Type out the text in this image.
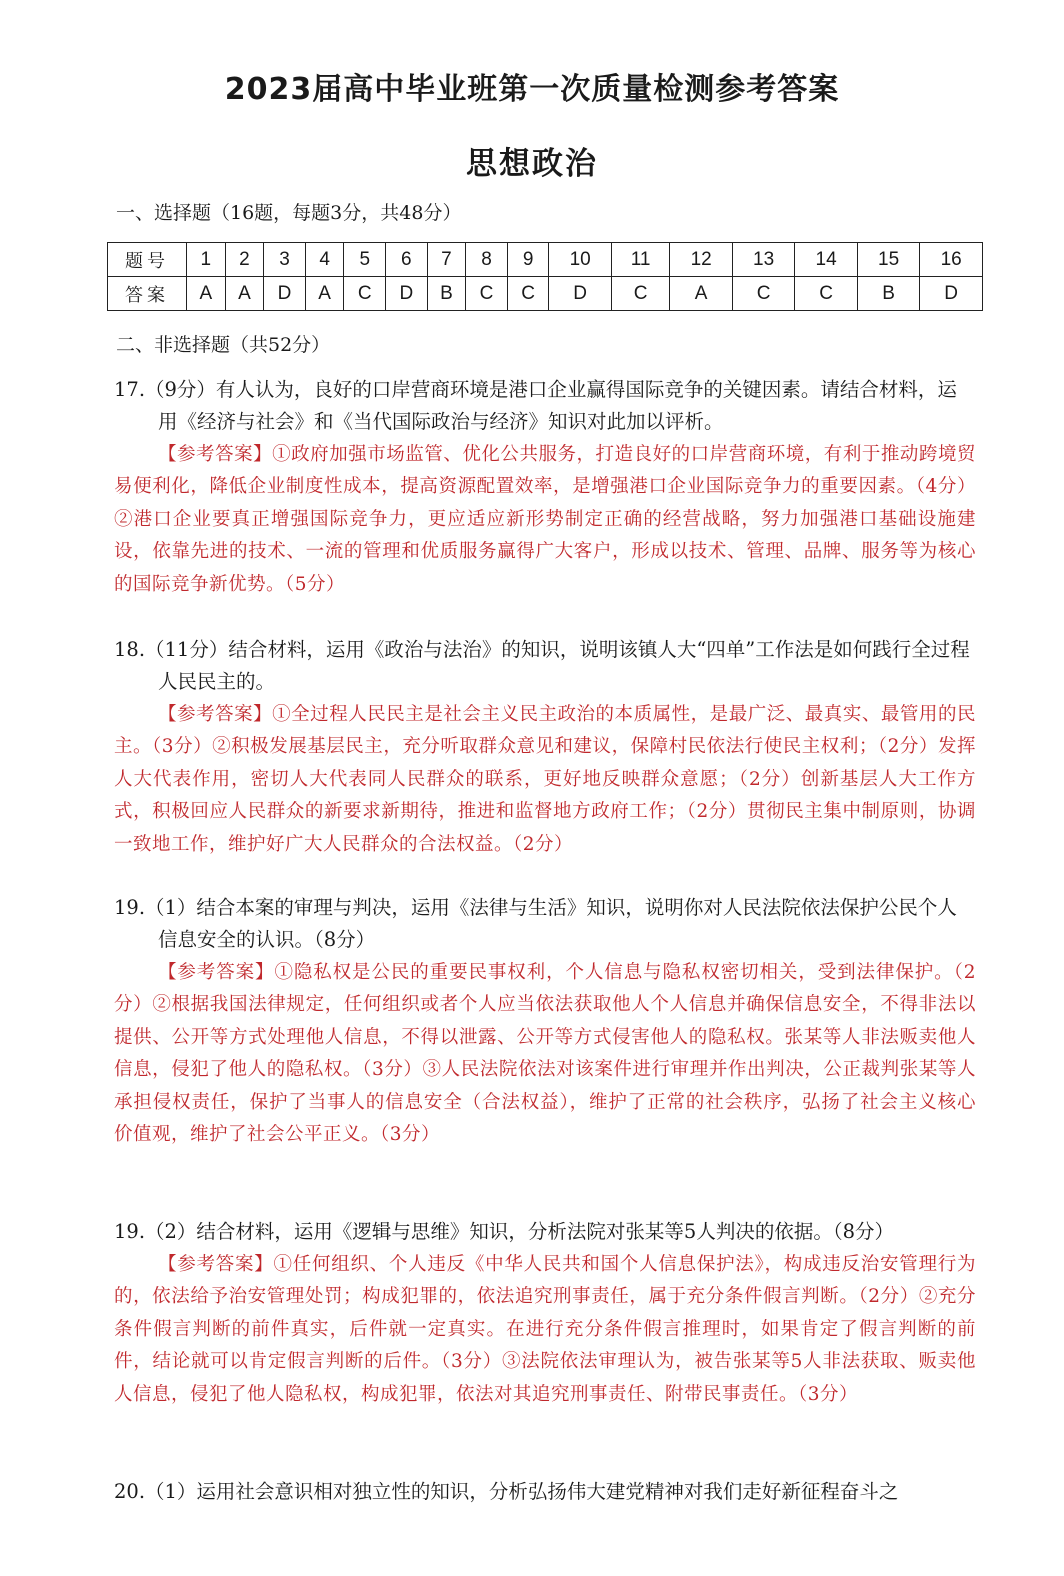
2023届高中毕业班第一次质量检测参考答案
思想政治
一、选择题（16题，每题3分，共48分）
题号	1	2	3	4	5	6	7	8	9	10	11	12	13	14	15	16
答案	A	A	D	A	C	D	B	C	C	D	C	A	C	C	B	D
二、非选择题（共52分）
17.（9分）有人认为，良好的口岸营商环境是港口企业赢得国际竞争的关键因素。请结合材料，运用《经济与社会》和《当代国际政治与经济》知识对此加以评析。
【参考答案】①政府加强市场监管、优化公共服务，打造良好的口岸营商环境，有利于推动跨境贸易便利化，降低企业制度性成本，提高资源配置效率，是增强港口企业国际竞争力的重要因素。（4分）②港口企业要真正增强国际竞争力，更应适应新形势制定正确的经营战略，努力加强港口基础设施建设，依靠先进的技术、一流的管理和优质服务赢得广大客户，形成以技术、管理、品牌、服务等为核心的国际竞争新优势。（5分）
18.（11分）结合材料，运用《政治与法治》的知识，说明该镇人大“四单”工作法是如何践行全过程人民民主的。
【参考答案】①全过程人民民主是社会主义民主政治的本质属性，是最广泛、最真实、最管用的民主。（3分）②积极发展基层民主，充分听取群众意见和建议，保障村民依法行使民主权利；（2分）发挥人大代表作用，密切人大代表同人民群众的联系，更好地反映群众意愿；（2分）创新基层人大工作方式，积极回应人民群众的新要求新期待，推进和监督地方政府工作；（2分）贯彻民主集中制原则，协调一致地工作，维护好广大人民群众的合法权益。（2分）
19.（1）结合本案的审理与判决，运用《法律与生活》知识，说明你对人民法院依法保护公民个人信息安全的认识。（8分）
【参考答案】①隐私权是公民的重要民事权利，个人信息与隐私权密切相关，受到法律保护。（2分）②根据我国法律规定，任何组织或者个人应当依法获取他人个人信息并确保信息安全，不得非法以提供、公开等方式处理他人信息，不得以泄露、公开等方式侵害他人的隐私权。张某等人非法贩卖他人信息，侵犯了他人的隐私权。（3分）③人民法院依法对该案件进行审理并作出判决，公正裁判张某等人承担侵权责任，保护了当事人的信息安全（合法权益），维护了正常的社会秩序，弘扬了社会主义核心价值观，维护了社会公平正义。（3分）
19.（2）结合材料，运用《逻辑与思维》知识，分析法院对张某等5人判决的依据。（8分）
【参考答案】①任何组织、个人违反《中华人民共和国个人信息保护法》，构成违反治安管理行为的，依法给予治安管理处罚；构成犯罪的，依法追究刑事责任，属于充分条件假言判断。（2分）②充分条件假言判断的前件真实，后件就一定真实。在进行充分条件假言推理时，如果肯定了假言判断的前件，结论就可以肯定假言判断的后件。（3分）③法院依法审理认为，被告张某等5人非法获取、贩卖他人信息，侵犯了他人隐私权，构成犯罪，依法对其追究刑事责任、附带民事责任。（3分）
20.（1）运用社会意识相对独立性的知识，分析弘扬伟大建党精神对我们走好新征程奋斗之
